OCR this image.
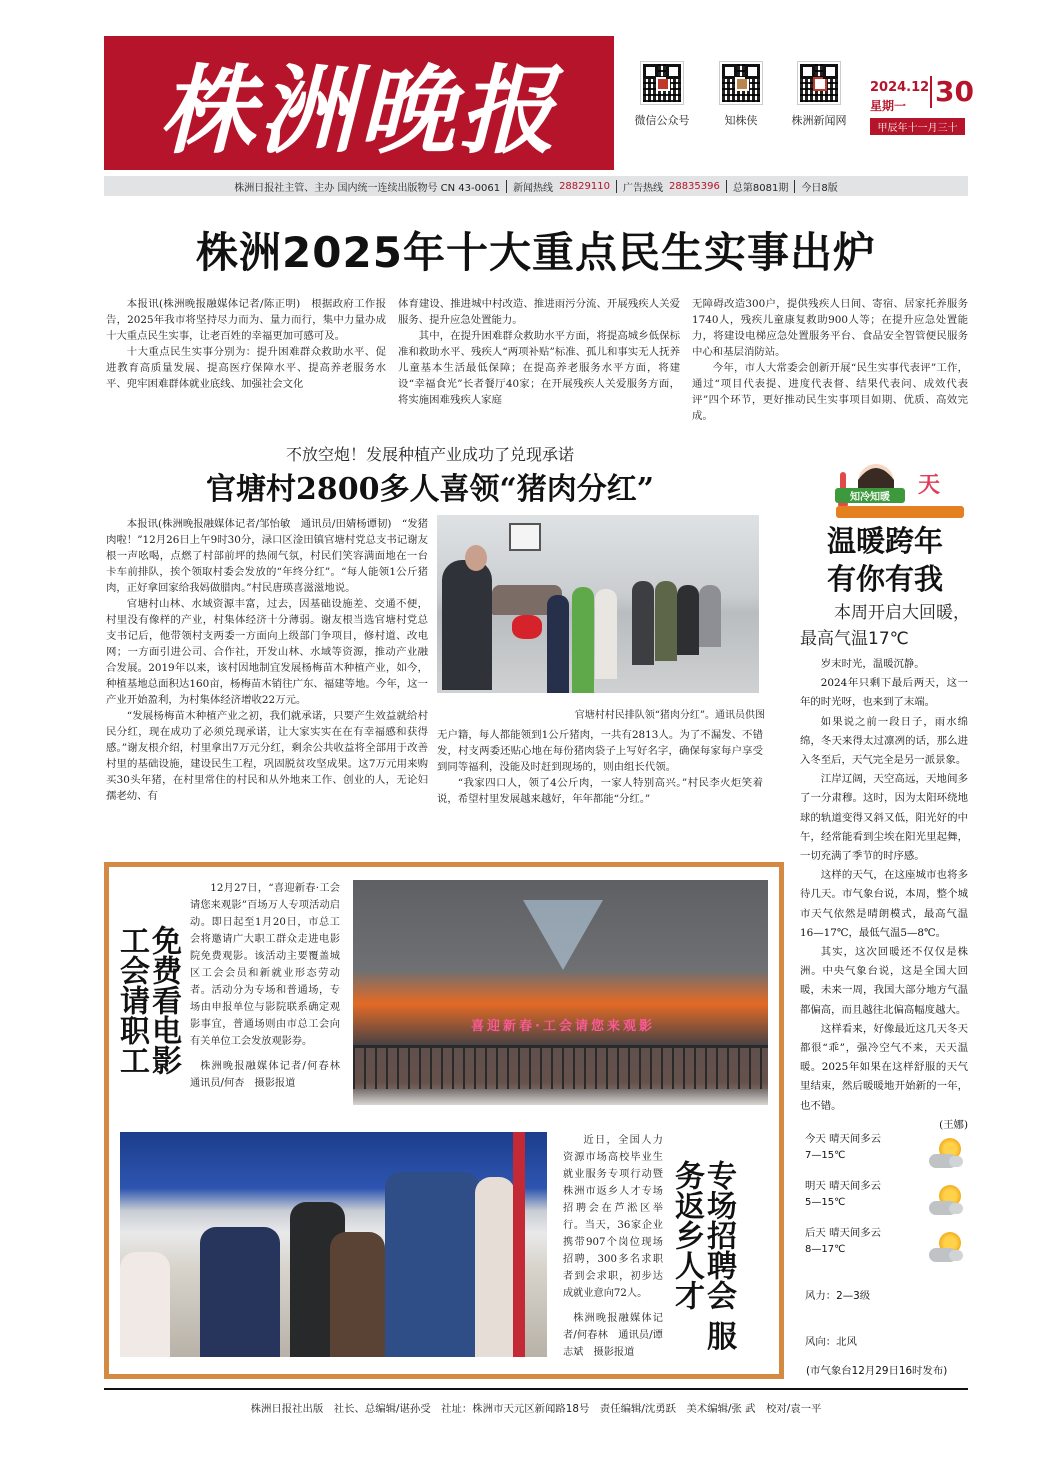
株洲晚报	微信公众号	知株侠	株洲新闻网
2024.12 30
星期一
甲辰年十一月三十
株洲日报社主管、主办 国内统一连续出版物号 CN 43-0061 新闻热线 28829110 广告热线 28835396 总第8081期 今日8版
株洲2025年十大重点民生实事出炉

本报讯(株洲晚报融媒体记者/陈正明)　根据政府工作报告，2025年我市将坚持尽力而为、量力而行，集中力量办成十大重点民生实事，让老百姓的幸福更加可感可及。

十大重点民生实事分别为：提升困难群众救助水平、促进教育高质量发展、提高医疗保障水平、提高养老服务水平、兜牢困难群体就业底线、加强社会文化

体育建设、推进城中村改造、推进雨污分流、开展残疾人关爱服务、提升应急处置能力。

其中，在提升困难群众救助水平方面，将提高城乡低保标准和救助水平、残疾人“两项补贴”标准、孤儿和事实无人抚养儿童基本生活最低保障；在提高养老服务水平方面，将建设“幸福食光”长者餐厅40家；在开展残疾人关爱服务方面，将实施困难残疾人家庭

无障碍改造300户，提供残疾人日间、寄宿、居家托养服务1740人，残疾儿童康复救助900人等；在提升应急处置能力，将建设电梯应急处置服务平台、食品安全智管便民服务中心和基层消防站。

今年，市人大常委会创新开展“民生实事代表评”工作，通过“项目代表提、进度代表督、结果代表问、成效代表评”四个环节，更好推动民生实事项目如期、优质、高效完成。

不放空炮！发展种植产业成功了兑现承诺
官塘村2800多人喜领“猪肉分红”

本报讯(株洲晚报融媒体记者/邹怡敏　通讯员/田婧杨谭韧)　“发猪肉啦！”12月26日上午9时30分，渌口区淦田镇官塘村党总支书记谢友根一声吆喝，点燃了村部前坪的热闹气氛，村民们笑容满面地在一台卡车前排队，挨个领取村委会发放的“年终分红”。“每人能领1公斤猪肉，正好拿回家给我妈做腊肉。”村民唐瑛喜滋滋地说。

官塘村山林、水域资源丰富，过去，因基础设施差、交通不便，村里没有像样的产业，村集体经济十分薄弱。谢友根当选官塘村党总支书记后，他带领村支两委一方面向上级部门争项目，修村道、改电网；一方面引进公司、合作社，开发山林、水域等资源，推动产业融合发展。2019年以来，该村因地制宜发展杨梅苗木种植产业，如今，种植基地总面积达160亩，杨梅苗木销往广东、福建等地。今年，这一产业开始盈利，为村集体经济增收22万元。

“发展杨梅苗木种植产业之初，我们就承诺，只要产生效益就给村民分红，现在成功了必须兑现承诺，让大家实实在在有幸福感和获得感。”谢友根介绍，村里拿出7万元分红，剩余公共收益将全部用于改善村里的基础设施，建设民生工程，巩固脱贫攻坚成果。这7万元用来购买30头年猪，在村里常住的村民和从外地来工作、创业的人，无论妇孺老幼、有

官塘村村民排队领“猪肉分红”。通讯员供图

无户籍，每人都能领到1公斤猪肉，一共有2813人。为了不漏发、不错发，村支两委还贴心地在每份猪肉袋子上写好名字，确保每家每户享受到同等福利，没能及时赶到现场的，则由组长代领。

“我家四口人，领了4公斤肉，一家人特别高兴。”村民李火炬笑着说，希望村里发展越来越好，年年都能“分红。”

天
知冷知暖
温暖跨年
有你有我
本周开启大回暖，最高气温17℃

岁末时光，温暖沉静。

2024年只剩下最后两天，这一年的时光呀，也来到了末端。

如果说之前一段日子，雨水绵绵，冬天来得太过凛冽的话，那么进入冬至后，天气完全是另一派景象。

江岸辽阔，天空高远，天地间多了一分肃穆。这时，因为太阳环绕地球的轨道变得又斜又低，阳光好的中午，经常能看到尘埃在阳光里起舞，一切充满了季节的时序感。

这样的天气，在这座城市也将多待几天。市气象台说，本周，整个城市天气依然是晴朗模式，最高气温16—17℃，最低气温5—8℃。

其实，这次回暖还不仅仅是株洲。中央气象台说，这是全国大回暖，未来一周，我国大部分地方气温都偏高，而且越往北偏高幅度越大。

这样看来，好像最近这几天冬天都很“乖”，强冷空气不来，天天温暖。2025年如果在这样舒服的天气里结束，然后暖暖地开始新的一年，也不错。

(王娜)
今天 晴天间多云
7—15℃
明天 晴天间多云
5—15℃
后天 晴天间多云
8—17℃
风力：2—3级
风向：北风
(市气象台12月29日16时发布)
免费看电影 工会请职工

12月27日，“喜迎新春·工会请您来观影”百场万人专项活动启动。即日起至1月20日，市总工会将邀请广大职工群众走进电影院免费观影。该活动主要覆盖城区工会会员和新就业形态劳动者。活动分为专场和普通场，专场由申报单位与影院联系确定观影事宜，普通场则由市总工会向有关单位工会发放观影券。

株洲晚报融媒体记者/何春林　通讯员/何杏　摄影报道

喜迎新春·工会请您来观影

近日，全国人力资源市场高校毕业生就业服务专项行动暨株洲市返乡人才专场招聘会在芦淞区举行。当天，36家企业携带907个岗位现场招聘，300多名求职者到会求职，初步达成就业意向72人。

株洲晚报融媒体记者/何春林　通讯员/谭志斌　摄影报道

专场招聘会 服务返乡人才
株洲日报社出版　社长、总编辑/谌孙受　社址：株洲市天元区新闻路18号　责任编辑/沈勇跃　美术编辑/张 武　校对/袁一平
